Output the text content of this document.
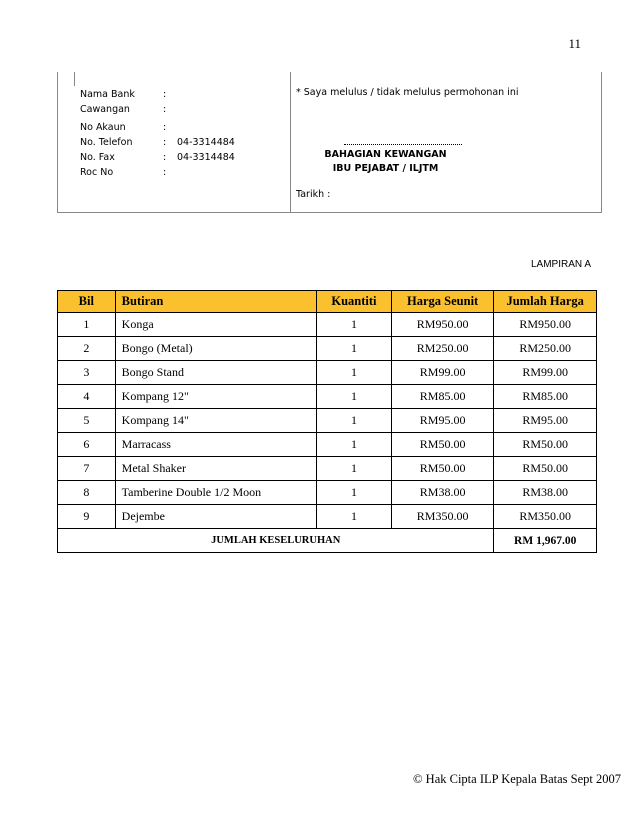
11
Nama Bank	:
Cawangan	:
No Akaun	:
No. Telefon	:	04-3314484
No. Fax	:	04-3314484
Roc No	:
* Saya melulus / tidak melulus permohonan ini
BAHAGIAN KEWANGAN
IBU PEJABAT / ILJTM
Tarikh :
LAMPIRAN A
Bil	Butiran	Kuantiti	Harga Seunit	Jumlah Harga
1	Konga	1	RM950.00	RM950.00
2	Bongo (Metal)	1	RM250.00	RM250.00
3	Bongo Stand	1	RM99.00	RM99.00
4	Kompang 12"	1	RM85.00	RM85.00
5	Kompang 14"	1	RM95.00	RM95.00
6	Marracass	1	RM50.00	RM50.00
7	Metal Shaker	1	RM50.00	RM50.00
8	Tamberine Double 1/2 Moon	1	RM38.00	RM38.00
9	Dejembe	1	RM350.00	RM350.00
JUMLAH KESELURUHAN				RM 1,967.00
© Hak Cipta ILP Kepala Batas Sept 2007
